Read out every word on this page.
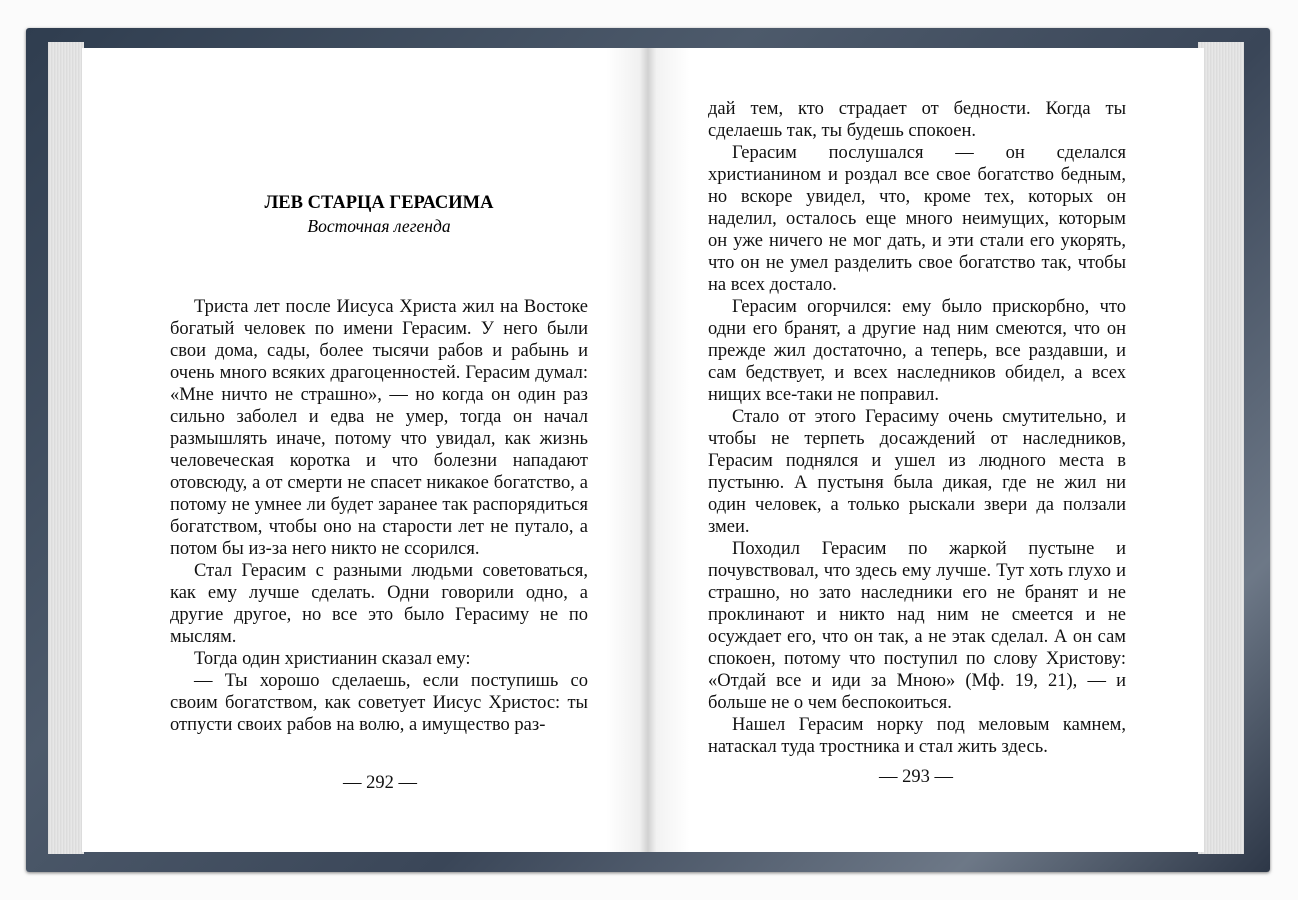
ЛЕВ СТАРЦА ГЕРАСИМА
Восточная легенда

Триста лет после Иисуса Христа жил на Востоке богатый человек по имени Герасим. У него были свои дома, сады, более тысячи рабов и рабынь и очень много всяких драгоценностей. Герасим думал: «Мне ничто не страшно», — но когда он один раз сильно заболел и едва не умер, тогда он начал размышлять иначе, потому что увидал, как жизнь человеческая коротка и что болезни нападают отовсюду, а от смерти не спасет никакое богатство, а потому не умнее ли будет заранее так распорядиться богатством, чтобы оно на старости лет не путало, а потом бы из-за него никто не ссорился.

Стал Герасим с разными людьми советоваться, как ему лучше сделать. Одни говорили одно, а другие другое, но все это было Герасиму не по мыслям.

Тогда один христианин сказал ему:

— Ты хорошо сделаешь, если поступишь со своим богатством, как советует Иисус Христос: ты отпусти своих рабов на волю, а имущество раз-

дай тем, кто страдает от бедности. Когда ты сделаешь так, ты будешь спокоен.

Герасим послушался — он сделался христианином и роздал все свое богатство бедным, но вскоре увидел, что, кроме тех, которых он наделил, осталось еще много неимущих, которым он уже ничего не мог дать, и эти стали его укорять, что он не умел разделить свое богатство так, чтобы на всех достало.

Герасим огорчился: ему было прискорбно, что одни его бранят, а другие над ним смеются, что он прежде жил достаточно, а теперь, все раздавши, и сам бедствует, и всех наследников обидел, а всех нищих все-таки не поправил.

Стало от этого Герасиму очень смутительно, и чтобы не терпеть досаждений от наследников, Герасим поднялся и ушел из людного места в пустыню. А пустыня была дикая, где не жил ни один человек, а только рыскали звери да ползали змеи.

Походил Герасим по жаркой пустыне и почувствовал, что здесь ему лучше. Тут хоть глухо и страшно, но зато наследники его не бранят и не проклинают и никто над ним не смеется и не осуждает его, что он так, а не этак сделал. А он сам спокоен, потому что поступил по слову Христову: «Отдай все и иди за Мною» (Мф. 19, 21), — и больше не о чем беспокоиться.

Нашел Герасим норку под меловым камнем, натаскал туда тростника и стал жить здесь.

— 292 —	— 293 —
